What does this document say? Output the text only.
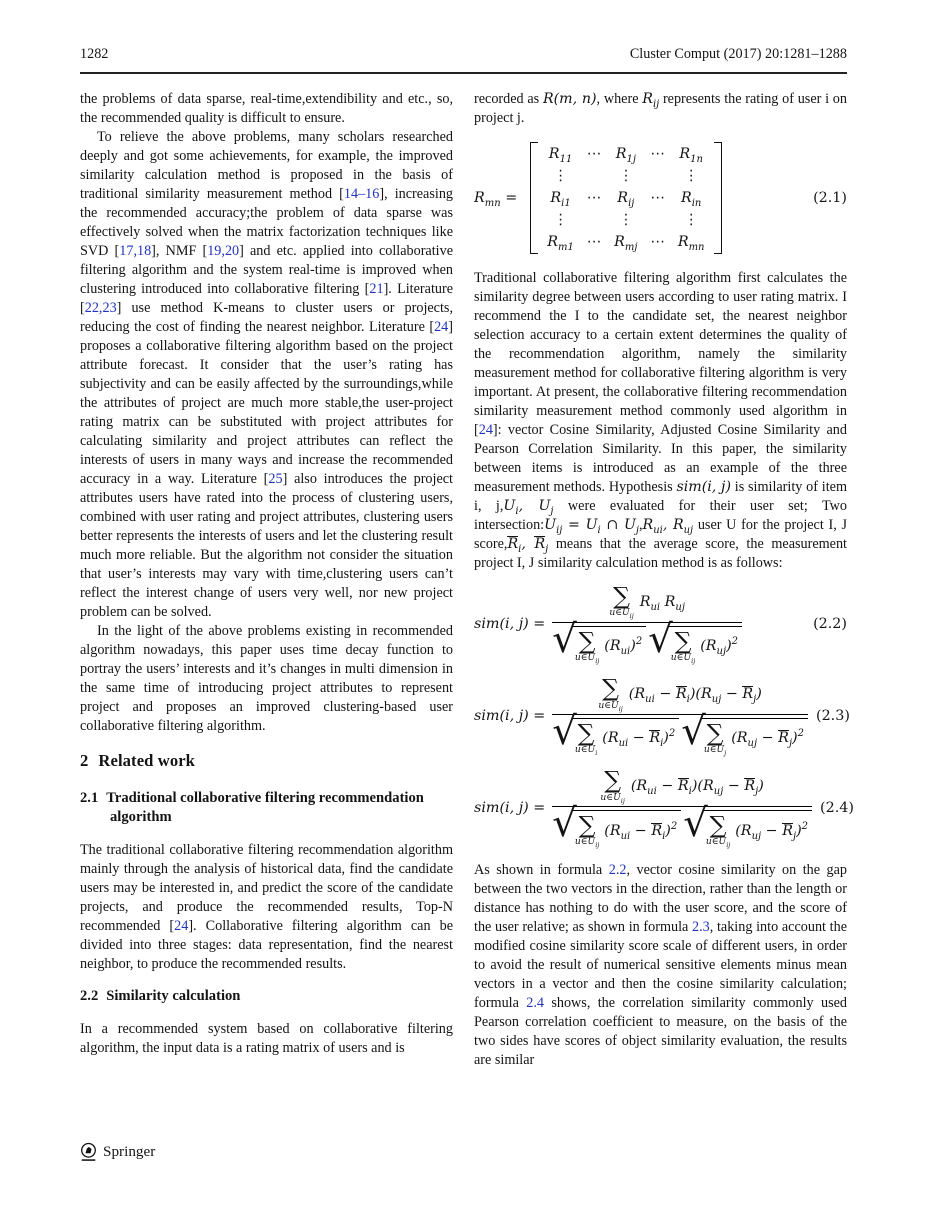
1282	Cluster Comput (2017) 20:1281–1288

the problems of data sparse, real-time,extendibility and etc., so, the recommended quality is difficult to ensure.

To relieve the above problems, many scholars researched deeply and got some achievements, for example, the improved similarity calculation method is proposed in the basis of traditional similarity measurement method [14–16], increasing the recommended accuracy;the problem of data sparse was effectively solved when the matrix factorization techniques like SVD [17,18], NMF [19,20] and etc. applied into collaborative filtering algorithm and the system real-time is improved when clustering introduced into collaborative filtering [21]. Literature [22,23] use method K-means to cluster users or projects, reducing the cost of finding the nearest neighbor. Literature [24] proposes a collaborative filtering algorithm based on the project attribute forecast. It consider that the user’s rating has subjectivity and can be easily affected by the surroundings,while the attributes of project are much more stable,the user-project rating matrix can be substituted with project attributes for calculating similarity and project attributes can reflect the interests of users in many ways and increase the recommended accuracy in a way. Literature [25] also introduces the project attributes users have rated into the process of clustering users, combined with user rating and project attributes, clustering users better represents the interests of users and let the clustering result much more reliable. But the algorithm not consider the situation that user’s interests may vary with time,clustering users can’t reflect the interest change of users very well, nor new project problem can be solved.

In the light of the above problems existing in recommended algorithm nowadays, this paper uses time decay function to portray the users’ interests and it’s changes in multi dimension in the same time of introducing project attributes to represent project and proposes an improved clustering-based user collaborative filtering algorithm.

2 Related work
2.1 Traditional collaborative filtering recommendation algorithm

The traditional collaborative filtering recommendation algorithm mainly through the analysis of historical data, find the candidate users may be interested in, and predict the score of the candidate projects, and produce the recommended results, Top-N recommended [24]. Collaborative filtering algorithm can be divided into three stages: data representation, find the nearest neighbor, to produce the recommended results.

2.2 Similarity calculation

In a recommended system based on collaborative filtering algorithm, the input data is a rating matrix of users and is

recorded as R(m, n), where $R_{ij}$ represents the rating of user i on project j.

$R_{mn}$ =
$R_{11}$ ⋯ $R_{1j}$ ⋯ $R_{1n}$
⋮	⋮	⋮
$R_{i1}$ ⋯ $R_{ij}$ ⋯ $R_{in}$
⋮	⋮	⋮
$R_{m1}$ ⋯ $R_{mj}$ ⋯ $R_{mn}$
(2.1)

Traditional collaborative filtering algorithm first calculates the similarity degree between users according to user rating matrix. I recommend the I to the candidate set, the nearest neighbor selection accuracy to a certain extent determines the quality of the recommendation algorithm, namely the similarity measurement method for collaborative filtering algorithm is very important. At present, the collaborative filtering recommendation similarity measurement method commonly used algorithm in [24]: vector Cosine Similarity, Adjusted Cosine Similarity and Pearson Correlation Similarity. In this paper, the similarity between items is introduced as an example of the three measurement methods. Hypothesis sim(i, j) is similarity of item i, $j,U_i$, $U_j$ were evaluated for their user set; Two $intersection:U_{ij} = U_i$ ∩ $U_j,R_{ui}$, $R_{uj}$ user U for the project I, J $score,R_i$, $R_j$ means that the average score, the measurement project I, J similarity calculation method is as follows:

sim(i, j) = ∑
$u\in U_{ij}$
$R_{ui}$ $R_{uj}$
√ ∑
$u\in U_{ij}$
$(R_{ui})^2$ √ ∑
$u\in U_{ij}$
$(R_{uj})^2$	(2.2)
sim(i, j) = ∑
$u\in U_{ij}$
$(R_{ui} - R_i)(R_{uj} - R_j)$
√ ∑
$u\in U_i$
$(R_{ui} - R_i)^2$ √ ∑
$u\in U_j$
$(R_{uj} - R_j)^2$ (2.3)
sim(i, j) = ∑
$u\in U_{ij}$
$(R_{ui} - R_i)(R_{uj} - R_j)$
√ ∑
$u\in U_{ij}$
$(R_{ui} - R_i)^2$ √ ∑
$u\in U_{ij}$
$(R_{uj} - R_j)^2$ (2.4)

As shown in formula 2.2, vector cosine similarity on the gap between the two vectors in the direction, rather than the length or distance has nothing to do with the user score, and the score of the user relative; as shown in formula 2.3, taking into account the modified cosine similarity score scale of different users, in order to avoid the result of numerical sensitive elements minus mean vectors in a vector and then the cosine similarity calculation; formula 2.4 shows, the correlation similarity commonly used Pearson correlation coefficient to measure, on the basis of the two sides have scores of object similarity evaluation, the results are similar

Springer
